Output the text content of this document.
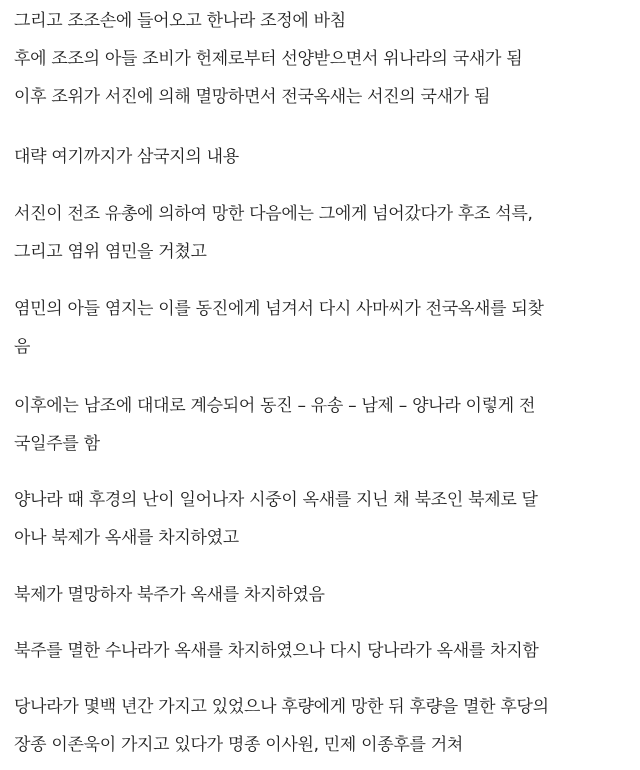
그리고 조조손에 들어오고 한나라 조정에 바침
후에 조조의 아들 조비가 헌제로부터 선양받으면서 위나라의 국새가 됨
이후 조위가 서진에 의해 멸망하면서 전국옥새는 서진의 국새가 됨
대략 여기까지가 삼국지의 내용
서진이 전조 유총에 의하여 망한 다음에는 그에게 넘어갔다가 후조 석륵,
그리고 염위 염민을 거쳤고
염민의 아들 염지는 이를 동진에게 넘겨서 다시 사마씨가 전국옥새를 되찾
음
이후에는 남조에 대대로 계승되어 동진 – 유송 – 남제 – 양나라 이렇게 전
국일주를 함
양나라 때 후경의 난이 일어나자 시중이 옥새를 지닌 채 북조인 북제로 달
아나 북제가 옥새를 차지하였고
북제가 멸망하자 북주가 옥새를 차지하였음
북주를 멸한 수나라가 옥새를 차지하였으나 다시 당나라가 옥새를 차지함
당나라가 몇백 년간 가지고 있었으나 후량에게 망한 뒤 후량을 멸한 후당의
장종 이존욱이 가지고 있다가 명종 이사원, 민제 이종후를 거쳐
